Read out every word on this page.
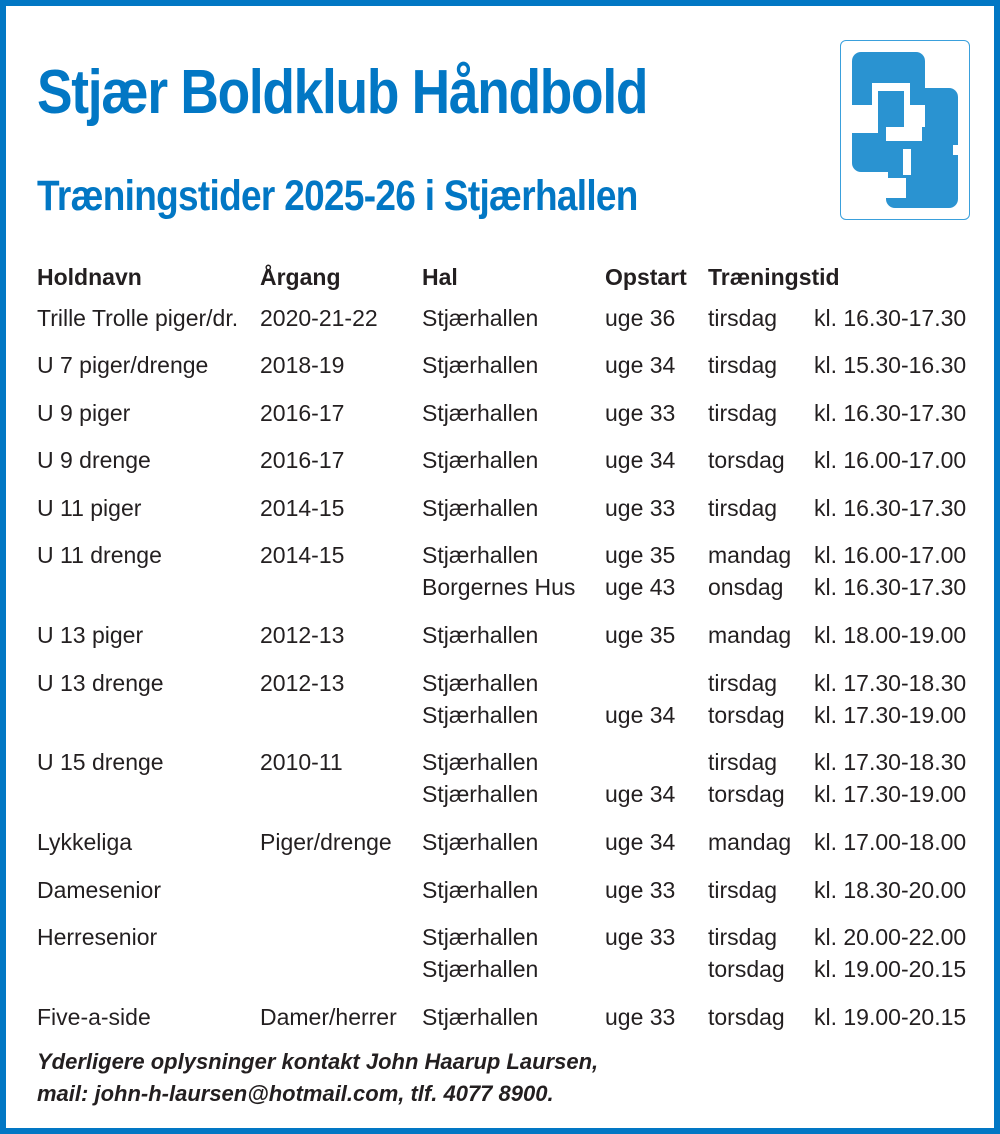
Stjær Boldklub Håndbold
Træningstider 2025-26 i Stjærhallen
Holdnavn	Årgang	Hal	Opstart Træningstid
Trille Trolle piger/dr. 2020-21-22 Stjærhallen	uge 36 tirsdag kl. 16.30-17.30
U 7 piger/drenge 2018-19	Stjærhallen	uge 34 tirsdag kl. 15.30-16.30
U 9 piger	2016-17	Stjærhallen	uge 33 tirsdag kl. 16.30-17.30
U 9 drenge	2016-17	Stjærhallen	uge 34 torsdag kl. 16.00-17.00
U 11 piger	2014-15	Stjærhallen	uge 33 tirsdag kl. 16.30-17.30
U 11 drenge	2014-15	Stjærhallen	uge 35 mandag kl. 16.00-17.00
Borgernes Hus uge 43 onsdag kl. 16.30-17.30
U 13 piger	2012-13	Stjærhallen	uge 35 mandag kl. 18.00-19.00
U 13 drenge	2012-13	Stjærhallen	tirsdag kl. 17.30-18.30
Stjærhallen	uge 34 torsdag kl. 17.30-19.00
U 15 drenge	2010-11	Stjærhallen	tirsdag kl. 17.30-18.30
Stjærhallen	uge 34 torsdag kl. 17.30-19.00
Lykkeliga	Piger/drenge Stjærhallen	uge 34 mandag kl. 17.00-18.00
Damesenior	Stjærhallen	uge 33 tirsdag kl. 18.30-20.00
Herresenior	Stjærhallen	uge 33 tirsdag kl. 20.00-22.00
Stjærhallen	torsdag kl. 19.00-20.15
Five-a-side	Damer/herrer Stjærhallen	uge 33 torsdag kl. 19.00-20.15
Yderligere oplysninger kontakt John Haarup Laursen,
mail: john-h-laursen@hotmail.com, tlf. 4077 8900.
